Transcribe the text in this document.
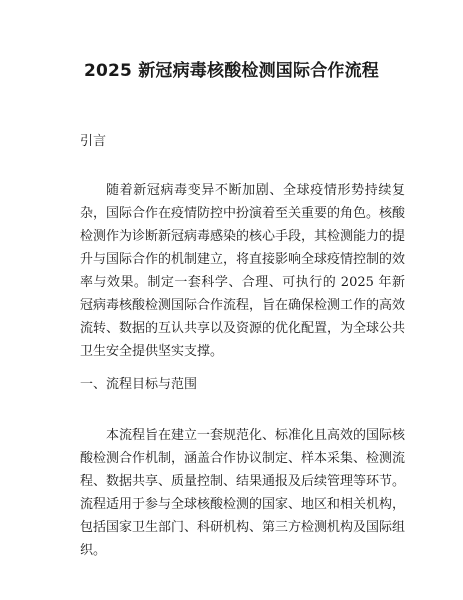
2025 新冠病毒核酸检测国际合作流程
引言

随着新冠病毒变异不断加剧、全球疫情形势持续复杂，国际合作在疫情防控中扮演着至关重要的角色。核酸检测作为诊断新冠病毒感染的核心手段，其检测能力的提升与国际合作的机制建立，将直接影响全球疫情控制的效率与效果。制定一套科学、合理、可执行的 2025 年新冠病毒核酸检测国际合作流程，旨在确保检测工作的高效流转、数据的互认共享以及资源的优化配置，为全球公共卫生安全提供坚实支撑。

一、流程目标与范围

本流程旨在建立一套规范化、标准化且高效的国际核酸检测合作机制，涵盖合作协议制定、样本采集、检测流程、数据共享、质量控制、结果通报及后续管理等环节。流程适用于参与全球核酸检测的国家、地区和相关机构，包括国家卫生部门、科研机构、第三方检测机构及国际组织。
